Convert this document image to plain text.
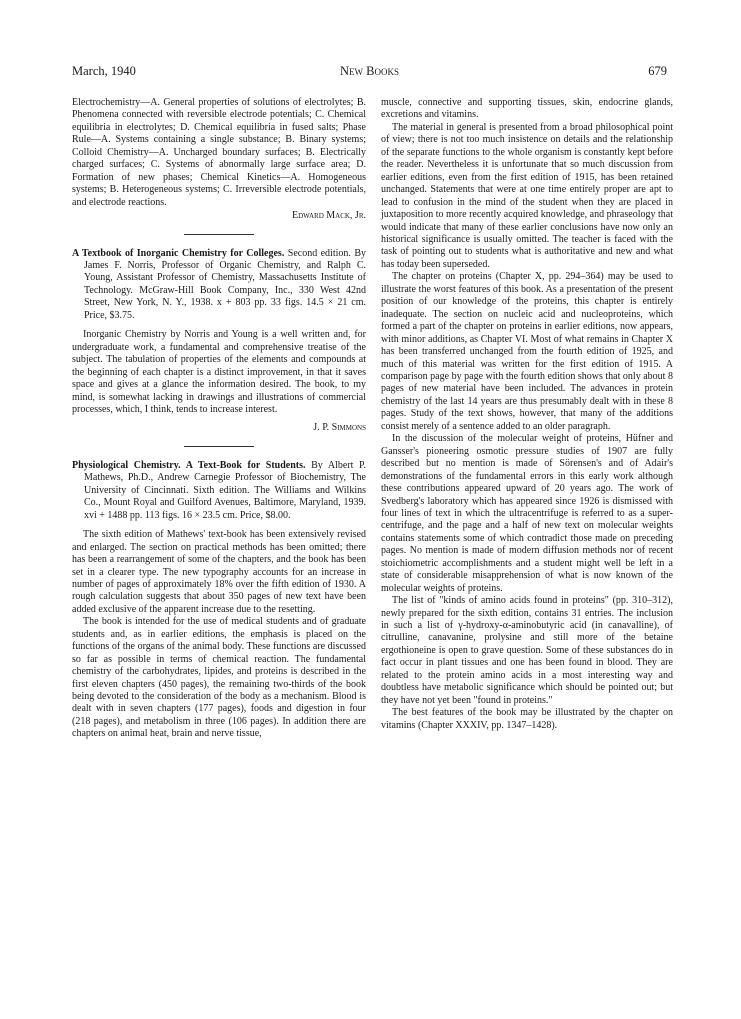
March, 1940	New Books	679

Electrochemistry—A. General properties of solutions of electrolytes; B. Phenomena connected with reversible electrode potentials; C. Chemical equilibria in electrolytes; D. Chemical equilibria in fused salts; Phase Rule—A. Systems containing a single substance; B. Binary systems; Colloid Chemistry—A. Uncharged boundary surfaces; B. Electrically charged surfaces; C. Systems of abnormally large surface area; D. Formation of new phases; Chemical Kinetics—A. Homogeneous systems; B. Heterogeneous systems; C. Irreversible electrode potentials, and electrode reactions.

Edward Mack, Jr.

A Textbook of Inorganic Chemistry for Colleges. Second edition. By James F. Norris, Professor of Organic Chemistry, and Ralph C. Young, Assistant Professor of Chemistry, Massachusetts Institute of Technology. McGraw-Hill Book Company, Inc., 330 West 42nd Street, New York, N. Y., 1938. x + 803 pp. 33 figs. 14.5 × 21 cm. Price, $3.75.

Inorganic Chemistry by Norris and Young is a well written and, for undergraduate work, a fundamental and comprehensive treatise of the subject. The tabulation of properties of the elements and compounds at the beginning of each chapter is a distinct improvement, in that it saves space and gives at a glance the information desired. The book, to my mind, is somewhat lacking in drawings and illustrations of commercial processes, which, I think, tends to increase interest.

J. P. Simmons

Physiological Chemistry. A Text-Book for Students. By Albert P. Mathews, Ph.D., Andrew Carnegie Professor of Biochemistry, The University of Cincinnati. Sixth edition. The Williams and Wilkins Co., Mount Royal and Guilford Avenues, Baltimore, Maryland, 1939. xvi + 1488 pp. 113 figs. 16 × 23.5 cm. Price, $8.00.

The sixth edition of Mathews' text-book has been extensively revised and enlarged. The section on practical methods has been omitted; there has been a rearrangement of some of the chapters, and the book has been set in a clearer type. The new typography accounts for an increase in number of pages of approximately 18% over the fifth edition of 1930. A rough calculation suggests that about 350 pages of new text have been added exclusive of the apparent increase due to the resetting.

The book is intended for the use of medical students and of graduate students and, as in earlier editions, the emphasis is placed on the functions of the organs of the animal body. These functions are discussed so far as possible in terms of chemical reaction. The fundamental chemistry of the carbohydrates, lipides, and proteins is described in the first eleven chapters (450 pages), the remaining two-thirds of the book being devoted to the consideration of the body as a mechanism. Blood is dealt with in seven chapters (177 pages), foods and digestion in four (218 pages), and metabolism in three (106 pages). In addition there are chapters on animal heat, brain and nerve tissue,

muscle, connective and supporting tissues, skin, endocrine glands, excretions and vitamins.

The material in general is presented from a broad philosophical point of view; there is not too much insistence on details and the relationship of the separate functions to the whole organism is constantly kept before the reader. Nevertheless it is unfortunate that so much discussion from earlier editions, even from the first edition of 1915, has been retained unchanged. Statements that were at one time entirely proper are apt to lead to confusion in the mind of the student when they are placed in juxtaposition to more recently acquired knowledge, and phraseology that would indicate that many of these earlier conclusions have now only an historical significance is usually omitted. The teacher is faced with the task of pointing out to students what is authoritative and new and what has today been superseded.

The chapter on proteins (Chapter X, pp. 294–364) may be used to illustrate the worst features of this book. As a presentation of the present position of our knowledge of the proteins, this chapter is entirely inadequate. The section on nucleic acid and nucleoproteins, which formed a part of the chapter on proteins in earlier editions, now appears, with minor additions, as Chapter VI. Most of what remains in Chapter X has been transferred unchanged from the fourth edition of 1925, and much of this material was written for the first edition of 1915. A comparison page by page with the fourth edition shows that only about 8 pages of new material have been included. The advances in protein chemistry of the last 14 years are thus presumably dealt with in these 8 pages. Study of the text shows, however, that many of the additions consist merely of a sentence added to an older paragraph.

In the discussion of the molecular weight of proteins, Hüfner and Gansser's pioneering osmotic pressure studies of 1907 are fully described but no mention is made of Sörensen's and of Adair's demonstrations of the fundamental errors in this early work although these contributions appeared upward of 20 years ago. The work of Svedberg's laboratory which has appeared since 1926 is dismissed with four lines of text in which the ultracentrifuge is referred to as a super-centrifuge, and the page and a half of new text on molecular weights contains statements some of which contradict those made on preceding pages. No mention is made of modern diffusion methods nor of recent stoichiometric accomplishments and a student might well be left in a state of considerable misapprehension of what is now known of the molecular weights of proteins.

The list of "kinds of amino acids found in proteins" (pp. 310–312), newly prepared for the sixth edition, contains 31 entries. The inclusion in such a list of γ-hydroxy-α-aminobutyric acid (in canavalline), of citrulline, canavanine, prolysine and still more of the betaine ergothioneine is open to grave question. Some of these substances do in fact occur in plant tissues and one has been found in blood. They are related to the protein amino acids in a most interesting way and doubtless have metabolic significance which should be pointed out; but they have not yet been "found in proteins."

The best features of the book may be illustrated by the chapter on vitamins (Chapter XXXIV, pp. 1347–1428).
